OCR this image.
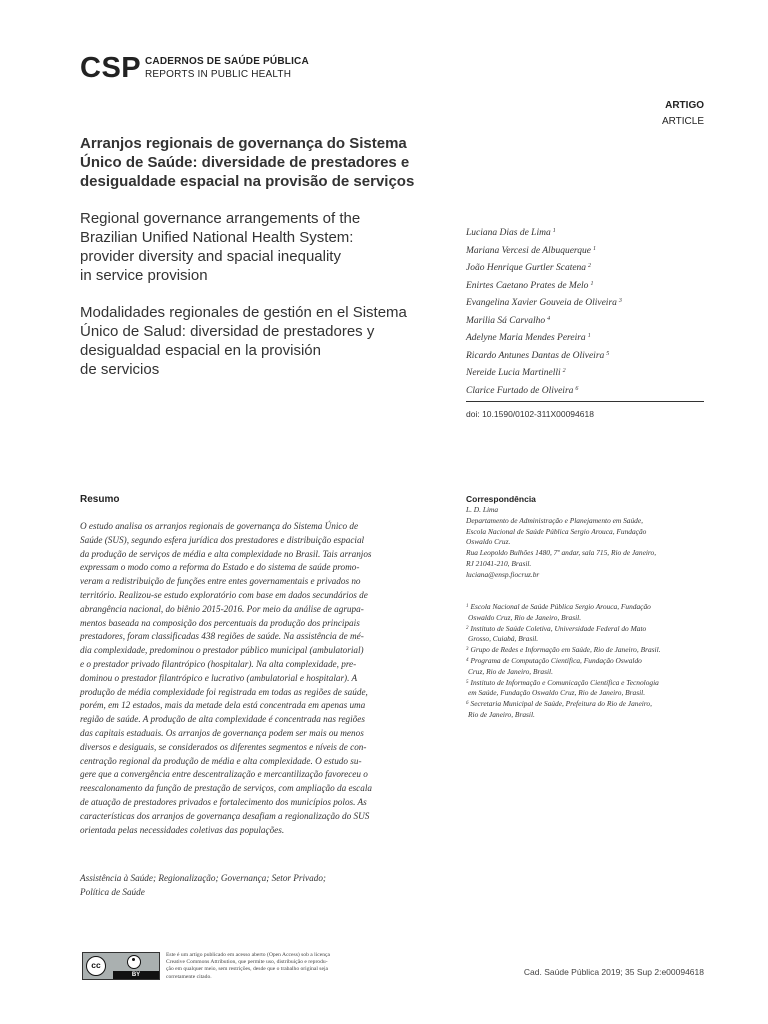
CSP CADERNOS DE SAÚDE PÚBLICA
REPORTS IN PUBLIC HEALTH
ARTIGO
ARTICLE
Arranjos regionais de governança do Sistema
Único de Saúde: diversidade de prestadores e
desigualdade espacial na provisão de serviços
Regional governance arrangements of the
Brazilian Unified National Health System:
provider diversity and spacial inequality
in service provision
Modalidades regionales de gestión en el Sistema
Único de Salud: diversidad de prestadores y
desigualdad espacial en la provisión
de servicios
Luciana Dias de Lima $^1$
Mariana Vercesi de Albuquerque $^1$
João Henrique Gurtler Scatena $^2$
Enirtes Caetano Prates de Melo $^1$
Evangelina Xavier Gouveia de Oliveira $^3$
Marilia Sá Carvalho $^4$
Adelyne Maria Mendes Pereira $^1$
Ricardo Antunes Dantas de Oliveira $^5$
Nereide Lucia Martinelli $^2$
Clarice Furtado de Oliveira $^6$
doi: 10.1590/0102-311X00094618
Resumo
O estudo analisa os arranjos regionais de governança do Sistema Único de
Saúde (SUS), segundo esfera jurídica dos prestadores e distribuição espacial
da produção de serviços de média e alta complexidade no Brasil. Tais arranjos
expressam o modo como a reforma do Estado e do sistema de saúde promo-
veram a redistribuição de funções entre entes governamentais e privados no
território. Realizou-se estudo exploratório com base em dados secundários de
abrangência nacional, do biênio 2015-2016. Por meio da análise de agrupa-
mentos baseada na composição dos percentuais da produção dos principais
prestadores, foram classificadas 438 regiões de saúde. Na assistência de mé-
dia complexidade, predominou o prestador público municipal (ambulatorial)
e o prestador privado filantrópico (hospitalar). Na alta complexidade, pre-
dominou o prestador filantrópico e lucrativo (ambulatorial e hospitalar). A
produção de média complexidade foi registrada em todas as regiões de saúde,
porém, em 12 estados, mais da metade dela está concentrada em apenas uma
região de saúde. A produção de alta complexidade é concentrada nas regiões
das capitais estaduais. Os arranjos de governança podem ser mais ou menos
diversos e desiguais, se considerados os diferentes segmentos e níveis de con-
centração regional da produção de média e alta complexidade. O estudo su-
gere que a convergência entre descentralização e mercantilização favoreceu o
reescalonamento da função de prestação de serviços, com ampliação da escala
de atuação de prestadores privados e fortalecimento dos municípios polos. As
características dos arranjos de governança desafiam a regionalização do SUS
orientada pelas necessidades coletivas das populações.
Assistência à Saúde; Regionalização; Governança; Setor Privado;
Política de Saúde
Correspondência
L. D. Lima
Departamento de Administração e Planejamento em Saúde,
Escola Nacional de Saúde Pública Sergio Arouca, Fundação
Oswaldo Cruz.
Rua Leopoldo Bulhões 1480, 7º andar, sala 715, Rio de Janeiro,
RJ 21041-210, Brasil.
luciana@ensp.fiocruz.br
$^1$ Escola Nacional de Saúde Pública Sergio Arouca, Fundação
Oswaldo Cruz, Rio de Janeiro, Brasil.
$^2$ Instituto de Saúde Coletiva, Universidade Federal do Mato
Grosso, Cuiabá, Brasil.
$^3$ Grupo de Redes e Informação em Saúde, Rio de Janeiro, Brasil.
$^4$ Programa de Computação Científica, Fundação Oswaldo
Cruz, Rio de Janeiro, Brasil.
$^5$ Instituto de Informação e Comunicação Científica e Tecnologia
em Saúde, Fundação Oswaldo Cruz, Rio de Janeiro, Brasil.
$^6$ Secretaria Municipal de Saúde, Prefeitura do Rio de Janeiro,
Rio de Janeiro, Brasil.
cc
BY
Este é um artigo publicado em acesso aberto (Open Access) sob a licença
Creative Commons Attribution, que permite uso, distribuição e reprodu-
ção em qualquer meio, sem restrições, desde que o trabalho original seja
corretamente citado.	Cad. Saúde Pública 2019; 35 Sup 2:e00094618
